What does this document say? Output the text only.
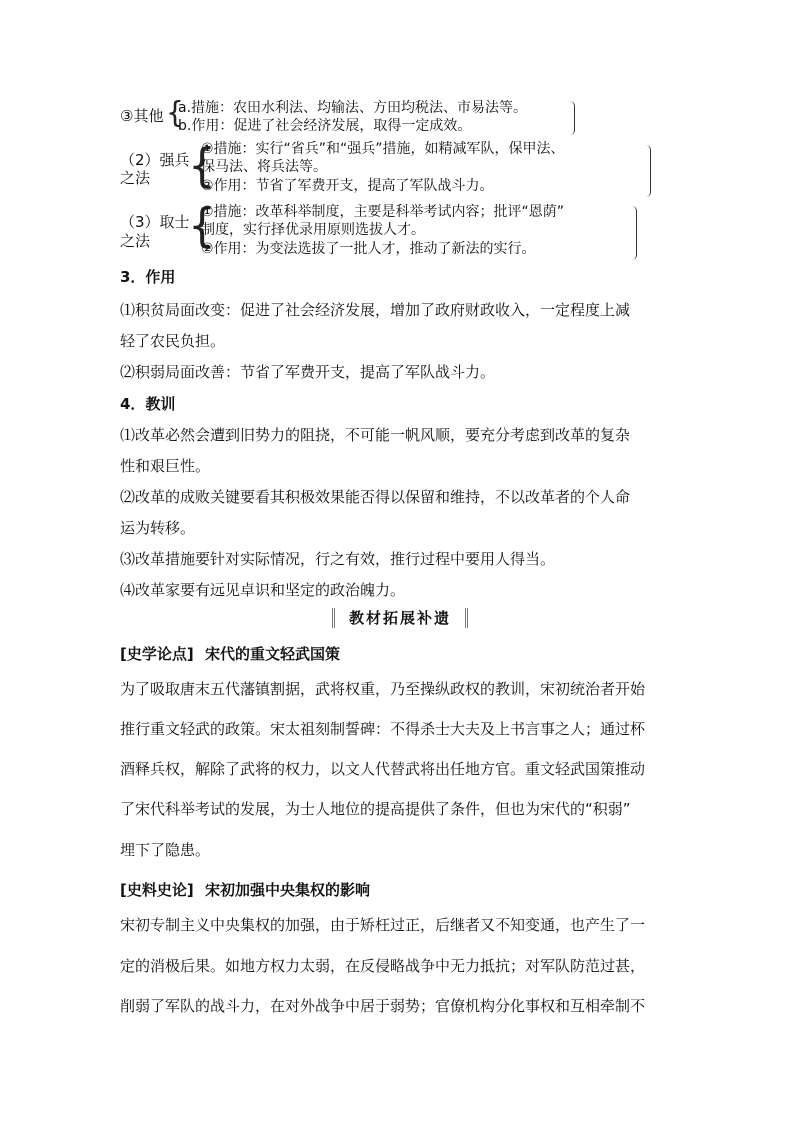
③其他 {
a.措施：农田水利法、均输法、方田均税法、市易法等。
b.作用：促进了社会经济发展，取得一定成效。
（2）强兵
之法 {
①措施：实行“省兵”和“强兵”措施，如精减军队，保甲法、
保马法、将兵法等。
②作用：节省了军费开支，提高了军队战斗力。
（3）取士
之法 {
①措施：改革科举制度，主要是科举考试内容；批评“恩荫”
制度，实行择优录用原则选拔人才。
②作用：为变法选拔了一批人才，推动了新法的实行。
3．作用
⑴积贫局面改变：促进了社会经济发展，增加了政府财政收入，一定程度上减
轻了农民负担。
⑵积弱局面改善：节省了军费开支，提高了军队战斗力。
4．教训
⑴改革必然会遭到旧势力的阻挠，不可能一帆风顺，要充分考虑到改革的复杂
性和艰巨性。
⑵改革的成败关键要看其积极效果能否得以保留和维持，不以改革者的个人命
运为转移。
⑶改革措施要针对实际情况，行之有效，推行过程中要用人得当。
⑷改革家要有远见卓识和坚定的政治魄力。
教材拓展补遗
[史学论点] 宋代的重文轻武国策
为了吸取唐末五代藩镇割据，武将权重，乃至操纵政权的教训，宋初统治者开始
推行重文轻武的政策。宋太祖刻制誓碑：不得杀士大夫及上书言事之人；通过杯
酒释兵权，解除了武将的权力，以文人代替武将出任地方官。重文轻武国策推动
了宋代科举考试的发展，为士人地位的提高提供了条件，但也为宋代的“积弱”
埋下了隐患。
[史料史论] 宋初加强中央集权的影响
宋初专制主义中央集权的加强，由于矫枉过正，后继者又不知变通，也产生了一
定的消极后果。如地方权力太弱，在反侵略战争中无力抵抗；对军队防范过甚，
削弱了军队的战斗力，在对外战争中居于弱势；官僚机构分化事权和互相牵制不
